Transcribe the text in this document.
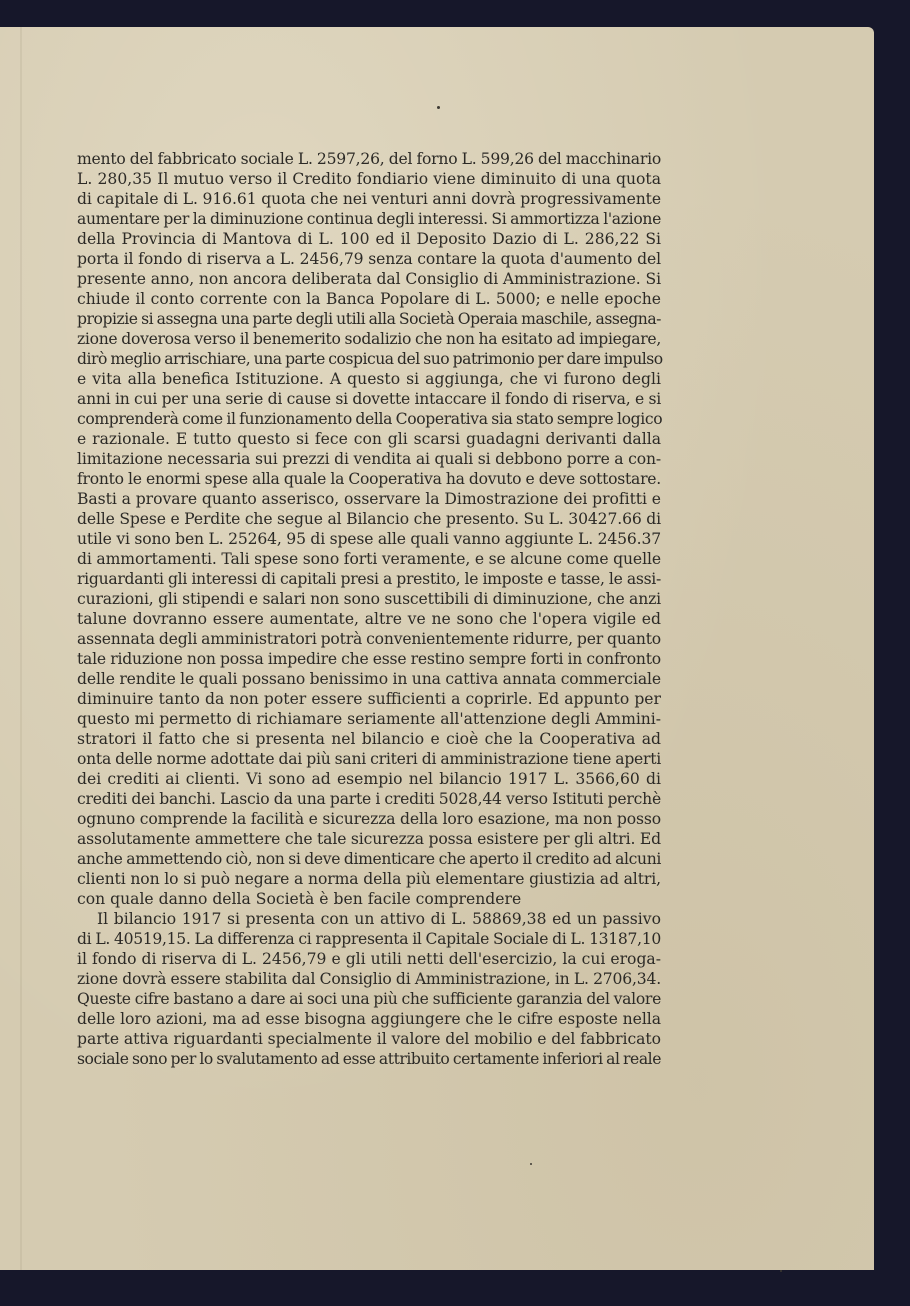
mento del fabbricato sociale L. 2597,26, del forno L. 599,26 del macchinario
L. 280,35 Il mutuo verso il Credito fondiario viene diminuito di una quota
di capitale di L. 916.61 quota che nei venturi anni dovrà progressivamente
aumentare per la diminuzione continua degli interessi. Si ammortizza l'azione
della Provincia di Mantova di L. 100 ed il Deposito Dazio di L. 286,22 Si
porta il fondo di riserva a L. 2456,79 senza contare la quota d'aumento del
presente anno, non ancora deliberata dal Consiglio di Amministrazione. Si
chiude il conto corrente con la Banca Popolare di L. 5000; e nelle epoche
propizie si assegna una parte degli utili alla Società Operaia maschile, assegna-
zione doverosa verso il benemerito sodalizio che non ha esitato ad impiegare,
dirò meglio arrischiare, una parte cospicua del suo patrimonio per dare impulso
e vita alla benefica Istituzione. A questo si aggiunga, che vi furono degli
anni in cui per una serie di cause si dovette intaccare il fondo di riserva, e si
comprenderà come il funzionamento della Cooperativa sia stato sempre logico
e razionale. E tutto questo si fece con gli scarsi guadagni derivanti dalla
limitazione necessaria sui prezzi di vendita ai quali si debbono porre a con-
fronto le enormi spese alla quale la Cooperativa ha dovuto e deve sottostare.
Basti a provare quanto asserisco, osservare la Dimostrazione dei profitti e
delle Spese e Perdite che segue al Bilancio che presento. Su L. 30427.66 di
utile vi sono ben L. 25264, 95 di spese alle quali vanno aggiunte L. 2456.37
di ammortamenti. Tali spese sono forti veramente, e se alcune come quelle
riguardanti gli interessi di capitali presi a prestito, le imposte e tasse, le assi-
curazioni, gli stipendi e salari non sono suscettibili di diminuzione, che anzi
talune dovranno essere aumentate, altre ve ne sono che l'opera vigile ed
assennata degli amministratori potrà convenientemente ridurre, per quanto
tale riduzione non possa impedire che esse restino sempre forti in confronto
delle rendite le quali possano benissimo in una cattiva annata commerciale
diminuire tanto da non poter essere sufficienti a coprirle. Ed appunto per
questo mi permetto di richiamare seriamente all'attenzione degli Ammini-
stratori il fatto che si presenta nel bilancio e cioè che la Cooperativa ad
onta delle norme adottate dai più sani criteri di amministrazione tiene aperti
dei crediti ai clienti. Vi sono ad esempio nel bilancio 1917 L. 3566,60 di
crediti dei banchi. Lascio da una parte i crediti 5028,44 verso Istituti perchè
ognuno comprende la facilità e sicurezza della loro esazione, ma non posso
assolutamente ammettere che tale sicurezza possa esistere per gli altri. Ed
anche ammettendo ciò, non si deve dimenticare che aperto il credito ad alcuni
clienti non lo si può negare a norma della più elementare giustizia ad altri,
con quale danno della Società è ben facile comprendere
Il bilancio 1917 si presenta con un attivo di L. 58869,38 ed un passivo
di L. 40519,15. La differenza ci rappresenta il Capitale Sociale di L. 13187,10
il fondo di riserva di L. 2456,79 e gli utili netti dell'esercizio, la cui eroga-
zione dovrà essere stabilita dal Consiglio di Amministrazione, in L. 2706,34.
Queste cifre bastano a dare ai soci una più che sufficiente garanzia del valore
delle loro azioni, ma ad esse bisogna aggiungere che le cifre esposte nella
parte attiva riguardanti specialmente il valore del mobilio e del fabbricato
sociale sono per lo svalutamento ad esse attribuito certamente inferiori al reale
